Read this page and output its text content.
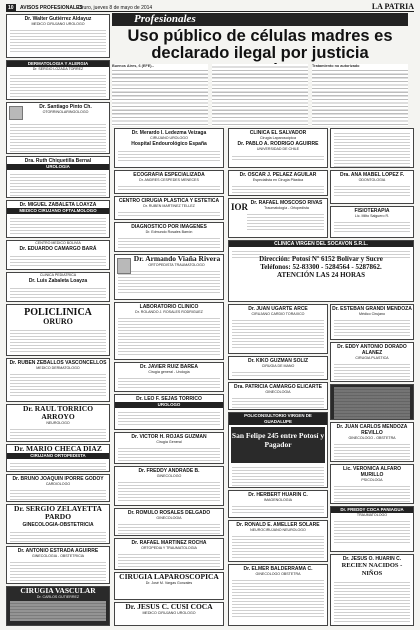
10	AVISOS PROFESIONALES
Oruro, jueves 8 de mayo de 2014	LA PATRIA
Profesionales
Dr. Walter Gutiérrez Aldayuz
MEDICO CIRUJANO UROLOGO
DERMATOLOGIA Y ALERGIA
Dr. SERGIO LOZADA TORREZ
Dr. Santiago Pinto Ch.
OTORRINOLARINGOLOGO
Dra. Ruth Chiquetilla Bernal
UROLOGIA
Dr. MIGUEL ZABALETA LOAYZA
MEDICO CIRUJANO OFTALMOLOGO
CENTRO MEDICO BOLIVIA
Dr. EDUARDO CAMARGO BARÁ
CLINICA PEDIATRICA
Dr. Luis Zabaleta Loayza
POLICLINICA
ORURO
Dr. RUBEN ZEBALLOS VASCONCELLOS
MEDICO DERMATOLOGO
Dr. RAUL TORRICO ARROYO
NEUROLOGO
Dr. MARIO CHECA DIAZ
CIRUJANO ORTOPEDISTA
Dr. BRUNO JOAQUIN IPORRE GODOY
CARDIOLOGO
Dr. SERGIO ZELAYETTA PARDO
GINECOLOGIA-OBSTETRICIA
Dr. ANTONIO ESTRADA AGUIRRE
GINECOLOGIA - OBSTETRICIA
CIRUGIA VASCULAR
Dr. CARLOS GUTIERREZ
Uso público de células madres es declarado ilegal por justicia
Buenos Aires, 6 (EFE).-	Tratamiento no autorizado
Dr. Merardo I. Ledezma Veizaga
CIRUJANO UROLOGO
Hospital Endourológico España
ECOGRAFIA ESPECIALIZADA
Dr. ANDRES CESPEDES MENECES
CENTRO CIRUGIA PLASTICA Y ESTETICA
Dr. RUBEN MARTINEZ TELLEZ
DIAGNOSTICO POR IMAGENES
Dr. Edmundo Rosales Barrón
Dr. Armando Viaña Rivera
ORTOPEDISTA TRAUMATOLOGO
LABORATORIO CLINICO
Dr. ROLANDO J. ROSALES RODRIGUEZ
Dr. JAVIER RUIZ BAREA
Cirugía general - Urología
Dr. LEO F. SEJAS TORRICO
UROLOGO
Dr. VICTOR H. ROJAS GUZMAN
Cirugía General
Dr. FREDDY ANDRADE B.
GINECOLOGO
Dr. ROMULO ROSALES DELGADO
GINECOLOGIA
Dr. RAFAEL MARTINEZ ROCHA
ORTOPEDIA Y TRAUMATOLOGIA
CIRUGIA LAPAROSCOPICA
Dr. José M. Vargas Gonzales
Dr. JESUS C. CUSI COCA
MEDICO CIRUJANO UROLOGO
CLINICA EL SALVADOR
Cirugía Laparoscópica
Dr. PABLO A. RODRIGO AGUIRRE
UNIVERSIDAD DE CHILE
Dr. OSCAR J. PELAEZ AGUILAR
Especialista en Cirugía Plástica
IOR Dr. RAFAEL MOSCOSO RIVAS
Traumatología - Ortopedista
Dra. ANA MABEL LOPEZ F.
ODONTOLOGIA
FISIOTERAPIA
Lic. Milto Salguero R.
CLINICA VIRGEN DEL SOCAVON S.R.L.
Dirección: Potosí Nº 6152 Bolívar y Sucre
Teléfonos: 52-83300 - 5284564 - 5287862.
ATENCIÓN LAS 24 HORAS
Dr. JUAN UGARTE ARCE
CIRUJANO CARDIO TORAXICO
Dr. ESTEBAN GRANDI MENDOZA
Médico Cirujano
Dr. EDDY ANTONIO DORADO ALANEZ
CIRUGIA PLASTICA
Dr. KIKO GUZMAN SOLIZ
CIRUGIA DE MANO
Dra. PATRICIA CAMARGO ELICARTE
GINECOLOGIA
POLICONSULTORIO VIRGEN DE GUADALUPE
San Felipe 245 entre Potosí y Pagador
Dr. HERBERT HUARIN C.
IMAGENOLOGIA
Dr. JUAN CARLOS MENDOZA REVILLO
GINECOLOGO - OBSTETRA
Lic. VERONICA ALFARO MURILLO
PSICOLOGA
Dr. RONALD E. AMELLER SOLARE
NEUROCIRUJANO NEUROLOGO
Dr. FREDDY COCA PANIAGUA
TRAUMATOLOGO
Dr. ELMER BALDERRAMA C.
GINECOLOGO OBSTETRA
Dr. JESUS O. HUARIN C.
RECIEN NACIDOS - NIÑOS
